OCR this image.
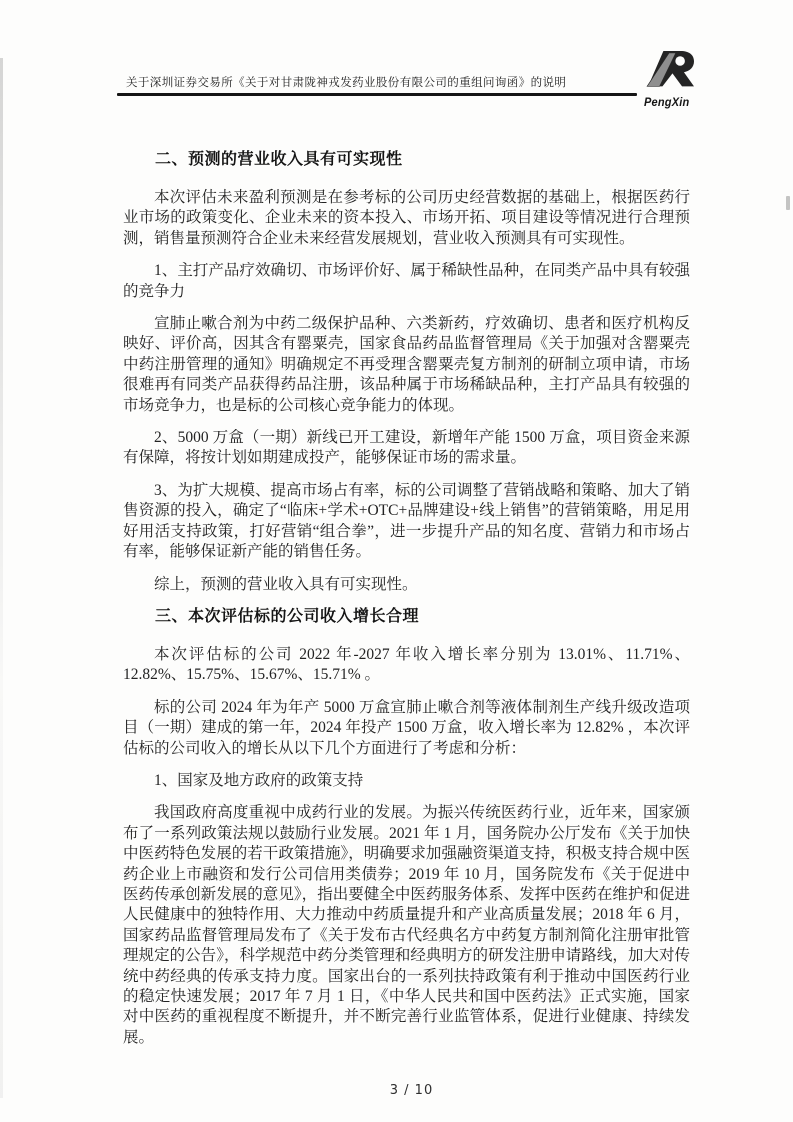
关于深圳证券交易所《关于对甘肃陇神戎发药业股份有限公司的重组问询函》的说明
PengXin
二、预测的营业收入具有可实现性

本次评估未来盈利预测是在参考标的公司历史经营数据的基础上，根据医药行业市场的政策变化、企业未来的资本投入、市场开拓、项目建设等情况进行合理预测，销售量预测符合企业未来经营发展规划，营业收入预测具有可实现性。

1、主打产品疗效确切、市场评价好、属于稀缺性品种，在同类产品中具有较强的竞争力

宣肺止嗽合剂为中药二级保护品种、六类新药，疗效确切、患者和医疗机构反映好、评价高，因其含有罂粟壳，国家食品药品监督管理局《关于加强对含罂粟壳中药注册管理的通知》明确规定不再受理含罂粟壳复方制剂的研制立项申请，市场很难再有同类产品获得药品注册，该品种属于市场稀缺品种，主打产品具有较强的市场竞争力，也是标的公司核心竞争能力的体现。

2、5000 万盒（一期）新线已开工建设，新增年产能 1500 万盒，项目资金来源有保障，将按计划如期建成投产，能够保证市场的需求量。

3、为扩大规模、提高市场占有率，标的公司调整了营销战略和策略、加大了销售资源的投入，确定了“临床+学术+OTC+品牌建设+线上销售”的营销策略，用足用好用活支持政策，打好营销“组合拳”，进一步提升产品的知名度、营销力和市场占有率，能够保证新产能的销售任务。

综上，预测的营业收入具有可实现性。

三、本次评估标的公司收入增长合理

本次评估标的公司 2022 年-2027 年收入增长率分别为 13.01%、11.71%、12.82%、15.75%、15.67%、15.71% 。

标的公司 2024 年为年产 5000 万盒宣肺止嗽合剂等液体制剂生产线升级改造项目（一期）建成的第一年，2024 年投产 1500 万盒，收入增长率为 12.82% ，本次评估标的公司收入的增长从以下几个方面进行了考虑和分析：

1、国家及地方政府的政策支持

我国政府高度重视中成药行业的发展。为振兴传统医药行业，近年来，国家颁布了一系列政策法规以鼓励行业发展。2021 年 1 月，国务院办公厅发布《关于加快中医药特色发展的若干政策措施》，明确要求加强融资渠道支持，积极支持合规中医药企业上市融资和发行公司信用类债券；2019 年 10 月，国务院发布《关于促进中医药传承创新发展的意见》，指出要健全中医药服务体系、发挥中医药在维护和促进人民健康中的独特作用、大力推动中药质量提升和产业高质量发展；2018 年 6 月，国家药品监督管理局发布了《关于发布古代经典名方中药复方制剂简化注册审批管理规定的公告》，科学规范中药分类管理和经典明方的研发注册申请路线，加大对传统中药经典的传承支持力度。国家出台的一系列扶持政策有利于推动中国医药行业的稳定快速发展；2017 年 7 月 1 日，《中华人民共和国中医药法》正式实施，国家对中医药的重视程度不断提升，并不断完善行业监管体系，促进行业健康、持续发展。

3 / 10
